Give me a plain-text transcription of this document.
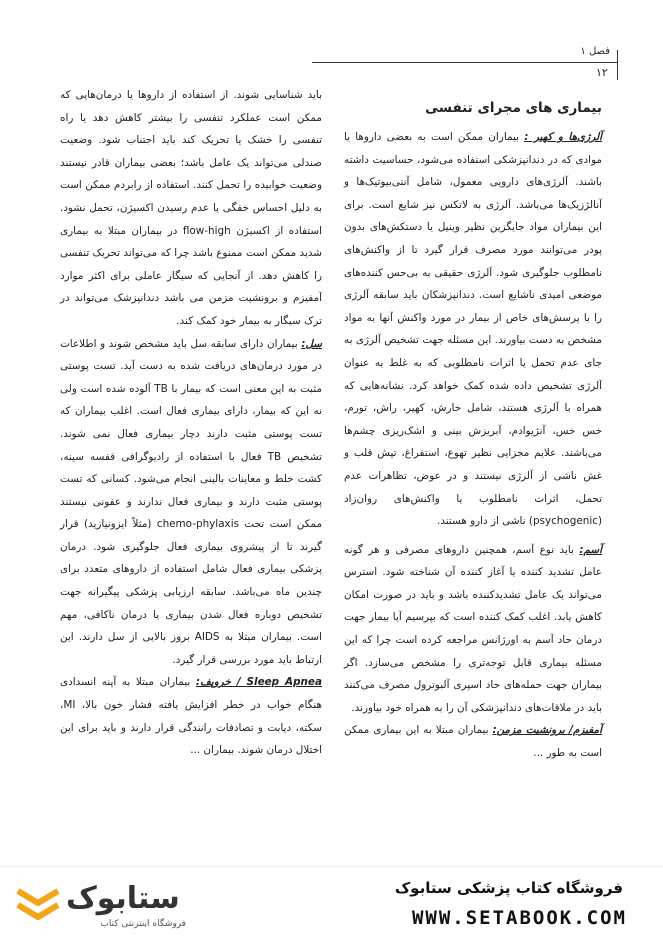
فصل ۱
۱۲
بیماری های مجرای تنفسی

آلرژی‌ها و کهیر : بیماران ممکن است به بعضی داروها یا موادی که در دندانپزشکی استفاده می‌شود، حساسیت داشته باشند. آلرژی‌های دارویی معمول، شامل آنتی‌بیوتیک‌ها و آنالژزیک‌ها می‌باشد. آلرژی به لاتکس نیز شایع است. برای این بیماران مواد جایگزین نظیر وینیل یا دستکش‌های بدون پودر می‌توانند مورد مصرف قرار گیرد تا از واکنش‌های نامطلوب جلوگیری شود. آلرژی حقیقی به بی‌حس کننده‌های موضعی امیدی ناشایع است. دندانپزشکان باید سابقه آلرژی را با پرسش‌های خاص از بیمار در مورد واکنش آنها به مواد مشخص به دست بیاورند. این مسئله جهت تشخیص آلرژی به جای عدم تحمل یا اثرات نامطلوبی که به غلط به عنوان آلرژی تشخیص داده شده کمک خواهد کرد. نشانه‌هایی که همراه با آلرژی هستند، شامل خارش، کهیر، راش، تورم، خس خس، آنژیوادم، آبریزش بینی و اشک‌ریزی چشم‌ها می‌باشند. علایم مجزایی نظیر تهوع، استفراغ، تپش قلب و غش ناشی از آلرژی نیستند و در عوض، تظاهرات عدم تحمل، اثرات نامطلوب یا واکنش‌های روان‌زاد (psychogenic) ناشی از دارو هستند.

آسم: باید نوع آسم، همچنین داروهای مصرفی و هر گونه عامل تشدید کننده یا آغاز کننده آن شناخته شود. استرس می‌تواند یک عامل تشدیدکننده باشد و باید در صورت امکان کاهش یابد. اغلب کمک کننده است که بپرسیم آیا بیمار جهت درمان حاد آسم به اورژانس مراجعه کرده است چرا که این مسئله بیماری قابل توجه‌تری را مشخص می‌سازد. اگر بیماران جهت حمله‌های حاد اسپری آلبوترول مصرف می‌کنند باید در ملاقات‌های دندانپزشکی آن را به همراه خود بیاورند.

آمفیزم/ برونشیت مزمن: بیماران مبتلا به این بیماری ممکن است به طور ...

باید شناسایی شوند. از استفاده از داروها یا درمان‌هایی که ممکن است عملکرد تنفسی را بیشتر کاهش دهد یا راه تنفسی را خشک یا تحریک کند باید اجتناب شود. وضعیت صندلی می‌تواند یک عامل باشد؛ بعضی بیماران قادر نیستند وضعیت خوابیده را تحمل کنند. استفاده از رابردم ممکن است به دلیل احساس خفگی یا عدم رسیدن اکسیژن، تحمل نشود. استفاده از اکسیژن flow-high در بیماران مبتلا به بیماری شدید ممکن است ممنوع باشد چرا که می‌تواند تحریک تنفسی را کاهش دهد. از آنجایی که سیگار عاملی برای اکثر موارد آمفیزم و برونشیت مزمن می باشد دندانپزشک می‌تواند در ترک سیگار به بیمار خود کمک کند.

سل: بیماران دارای سابقه سل باید مشخص شوند و اطلاعات در مورد درمان‌های دریافت شده به دست آید. تست پوستی مثبت به این معنی است که بیمار با TB آلوده شده است ولی نه این که بیمار، دارای بیماری فعال است. اغلب بیماران که تست پوستی مثبت دارند دچار بیماری فعال نمی شوند. تشخیص TB فعال با استفاده از رادیوگرافی قفسه سینه، کشت خلط و معاینات بالینی انجام می‌شود. کسانی که تست پوستی مثبت دارند و بیماری فعال ندارند و عفونی نیستند ممکن است تحت chemo-phylaxis (مثلاً ایزونیازید) قرار گیرند تا از پیشروی بیماری فعال جلوگیری شود. درمان پزشکی بیماری فعال شامل استفاده از داروهای متعدد برای چندین ماه می‌باشد. سابقه ارزیابی پزشکی پیگیرانه جهت تشخیص دوباره فعال شدن بیماری یا درمان ناکافی، مهم است. بیماران مبتلا به AIDS بروز بالایی از سل دارند. این ارتباط باید مورد بررسی قرار گیرد.

Sleep Apnea / خروپف: بیماران مبتلا به آپنه انسدادی هنگام خواب در خطر افزایش یافته فشار خون بالا، MI، سکته، دیابت و تصادفات رانندگی قرار دارند و باید برای این اختلال درمان شوند. بیماران ...

ستابوک
فروشگاه اینترنتی کتاب
فروشگاه کتاب پزشکی ستابوک
WWW.SETABOOK.COM
